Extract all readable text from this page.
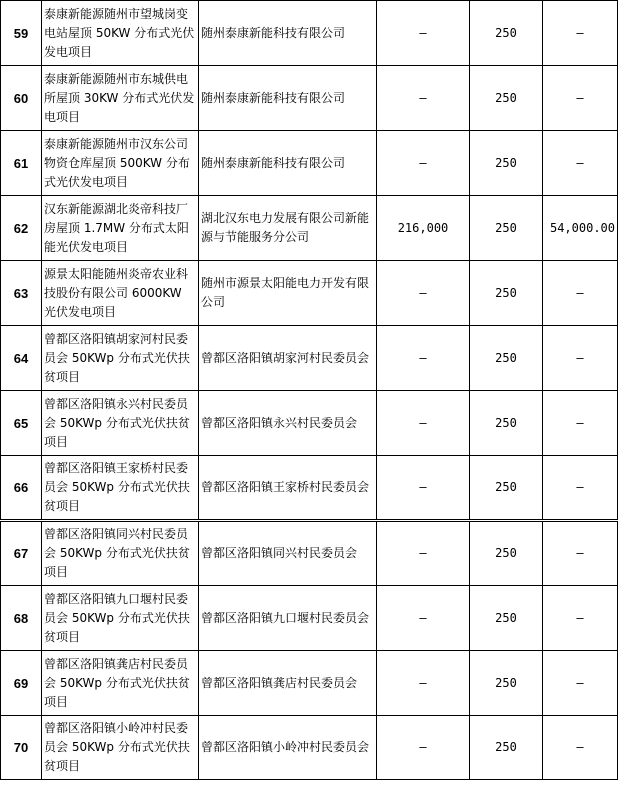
59	泰康新能源随州市望城岗变电站屋顶 50KW 分布式光伏发电项目	随州泰康新能科技有限公司	–	250	–
60	泰康新能源随州市东城供电所屋顶 30KW 分布式光伏发电项目	随州泰康新能科技有限公司	–	250	–
61	泰康新能源随州市汉东公司物资仓库屋顶 500KW 分布式光伏发电项目	随州泰康新能科技有限公司	–	250	–
62	汉东新能源湖北炎帝科技厂房屋顶 1.7MW 分布式太阳能光伏发电项目	湖北汉东电力发展有限公司新能源与节能服务分公司	216,000	250	54,000.00
63	源景太阳能随州炎帝农业科技股份有限公司 6000KW 光伏发电项目	随州市源景太阳能电力开发有限公司	–	250	–
64	曾都区洛阳镇胡家河村民委员会 50KWp 分布式光伏扶贫项目	曾都区洛阳镇胡家河村民委员会	–	250	–
65	曾都区洛阳镇永兴村民委员会 50KWp 分布式光伏扶贫项目	曾都区洛阳镇永兴村民委员会	–	250	–
66	曾都区洛阳镇王家桥村民委员会 50KWp 分布式光伏扶贫项目	曾都区洛阳镇王家桥村民委员会	–	250	–
67	曾都区洛阳镇同兴村民委员会 50KWp 分布式光伏扶贫项目	曾都区洛阳镇同兴村民委员会	–	250	–
68	曾都区洛阳镇九口堰村民委员会 50KWp 分布式光伏扶贫项目	曾都区洛阳镇九口堰村民委员会	–	250	–
69	曾都区洛阳镇龚店村民委员会 50KWp 分布式光伏扶贫项目	曾都区洛阳镇龚店村民委员会	–	250	–
70	曾都区洛阳镇小岭冲村民委员会 50KWp 分布式光伏扶贫项目	曾都区洛阳镇小岭冲村民委员会	–	250	–
